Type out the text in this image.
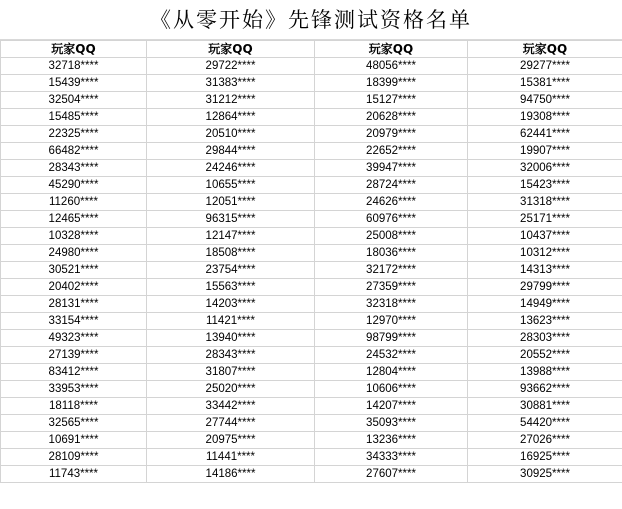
《从零开始》先锋测试资格名单
玩家QQ	玩家QQ	玩家QQ	玩家QQ
32718****	29722****	48056****	29277****
15439****	31383****	18399****	15381****
32504****	31212****	15127****	94750****
15485****	12864****	20628****	19308****
22325****	20510****	20979****	62441****
66482****	29844****	22652****	19907****
28343****	24246****	39947****	32006****
45290****	10655****	28724****	15423****
11260****	12051****	24626****	31318****
12465****	96315****	60976****	25171****
10328****	12147****	25008****	10437****
24980****	18508****	18036****	10312****
30521****	23754****	32172****	14313****
20402****	15563****	27359****	29799****
28131****	14203****	32318****	14949****
33154****	11421****	12970****	13623****
49323****	13940****	98799****	28303****
27139****	28343****	24532****	20552****
83412****	31807****	12804****	13988****
33953****	25020****	10606****	93662****
18118****	33442****	14207****	30881****
32565****	27744****	35093****	54420****
10691****	20975****	13236****	27026****
28109****	11441****	34333****	16925****
11743****	14186****	27607****	30925****
